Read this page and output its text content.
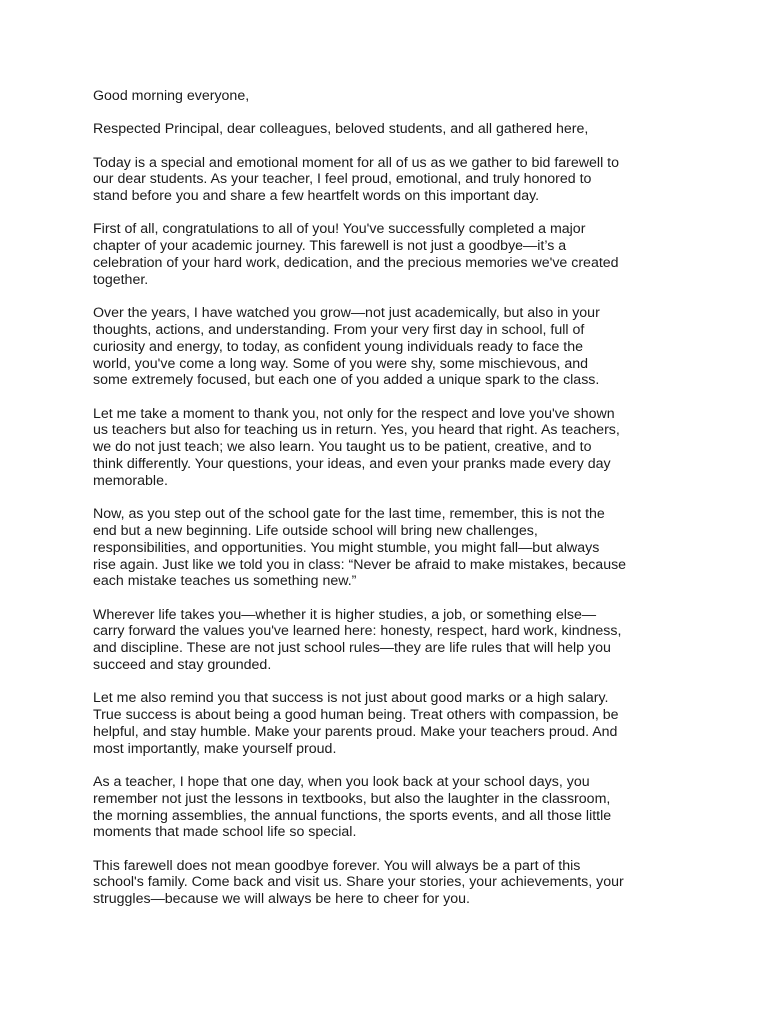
Good morning everyone,

Respected Principal, dear colleagues, beloved students, and all gathered here,

Today is a special and emotional moment for all of us as we gather to bid farewell to
our dear students. As your teacher, I feel proud, emotional, and truly honored to
stand before you and share a few heartfelt words on this important day.

First of all, congratulations to all of you! You've successfully completed a major
chapter of your academic journey. This farewell is not just a goodbye—it’s a
celebration of your hard work, dedication, and the precious memories we've created
together.

Over the years, I have watched you grow—not just academically, but also in your
thoughts, actions, and understanding. From your very first day in school, full of
curiosity and energy, to today, as confident young individuals ready to face the
world, you've come a long way. Some of you were shy, some mischievous, and
some extremely focused, but each one of you added a unique spark to the class.

Let me take a moment to thank you, not only for the respect and love you've shown
us teachers but also for teaching us in return. Yes, you heard that right. As teachers,
we do not just teach; we also learn. You taught us to be patient, creative, and to
think differently. Your questions, your ideas, and even your pranks made every day
memorable.

Now, as you step out of the school gate for the last time, remember, this is not the
end but a new beginning. Life outside school will bring new challenges,
responsibilities, and opportunities. You might stumble, you might fall—but always
rise again. Just like we told you in class: “Never be afraid to make mistakes, because
each mistake teaches us something new.”

Wherever life takes you—whether it is higher studies, a job, or something else—
carry forward the values you've learned here: honesty, respect, hard work, kindness,
and discipline. These are not just school rules—they are life rules that will help you
succeed and stay grounded.

Let me also remind you that success is not just about good marks or a high salary.
True success is about being a good human being. Treat others with compassion, be
helpful, and stay humble. Make your parents proud. Make your teachers proud. And
most importantly, make yourself proud.

As a teacher, I hope that one day, when you look back at your school days, you
remember not just the lessons in textbooks, but also the laughter in the classroom,
the morning assemblies, the annual functions, the sports events, and all those little
moments that made school life so special.

This farewell does not mean goodbye forever. You will always be a part of this
school's family. Come back and visit us. Share your stories, your achievements, your
struggles—because we will always be here to cheer for you.
